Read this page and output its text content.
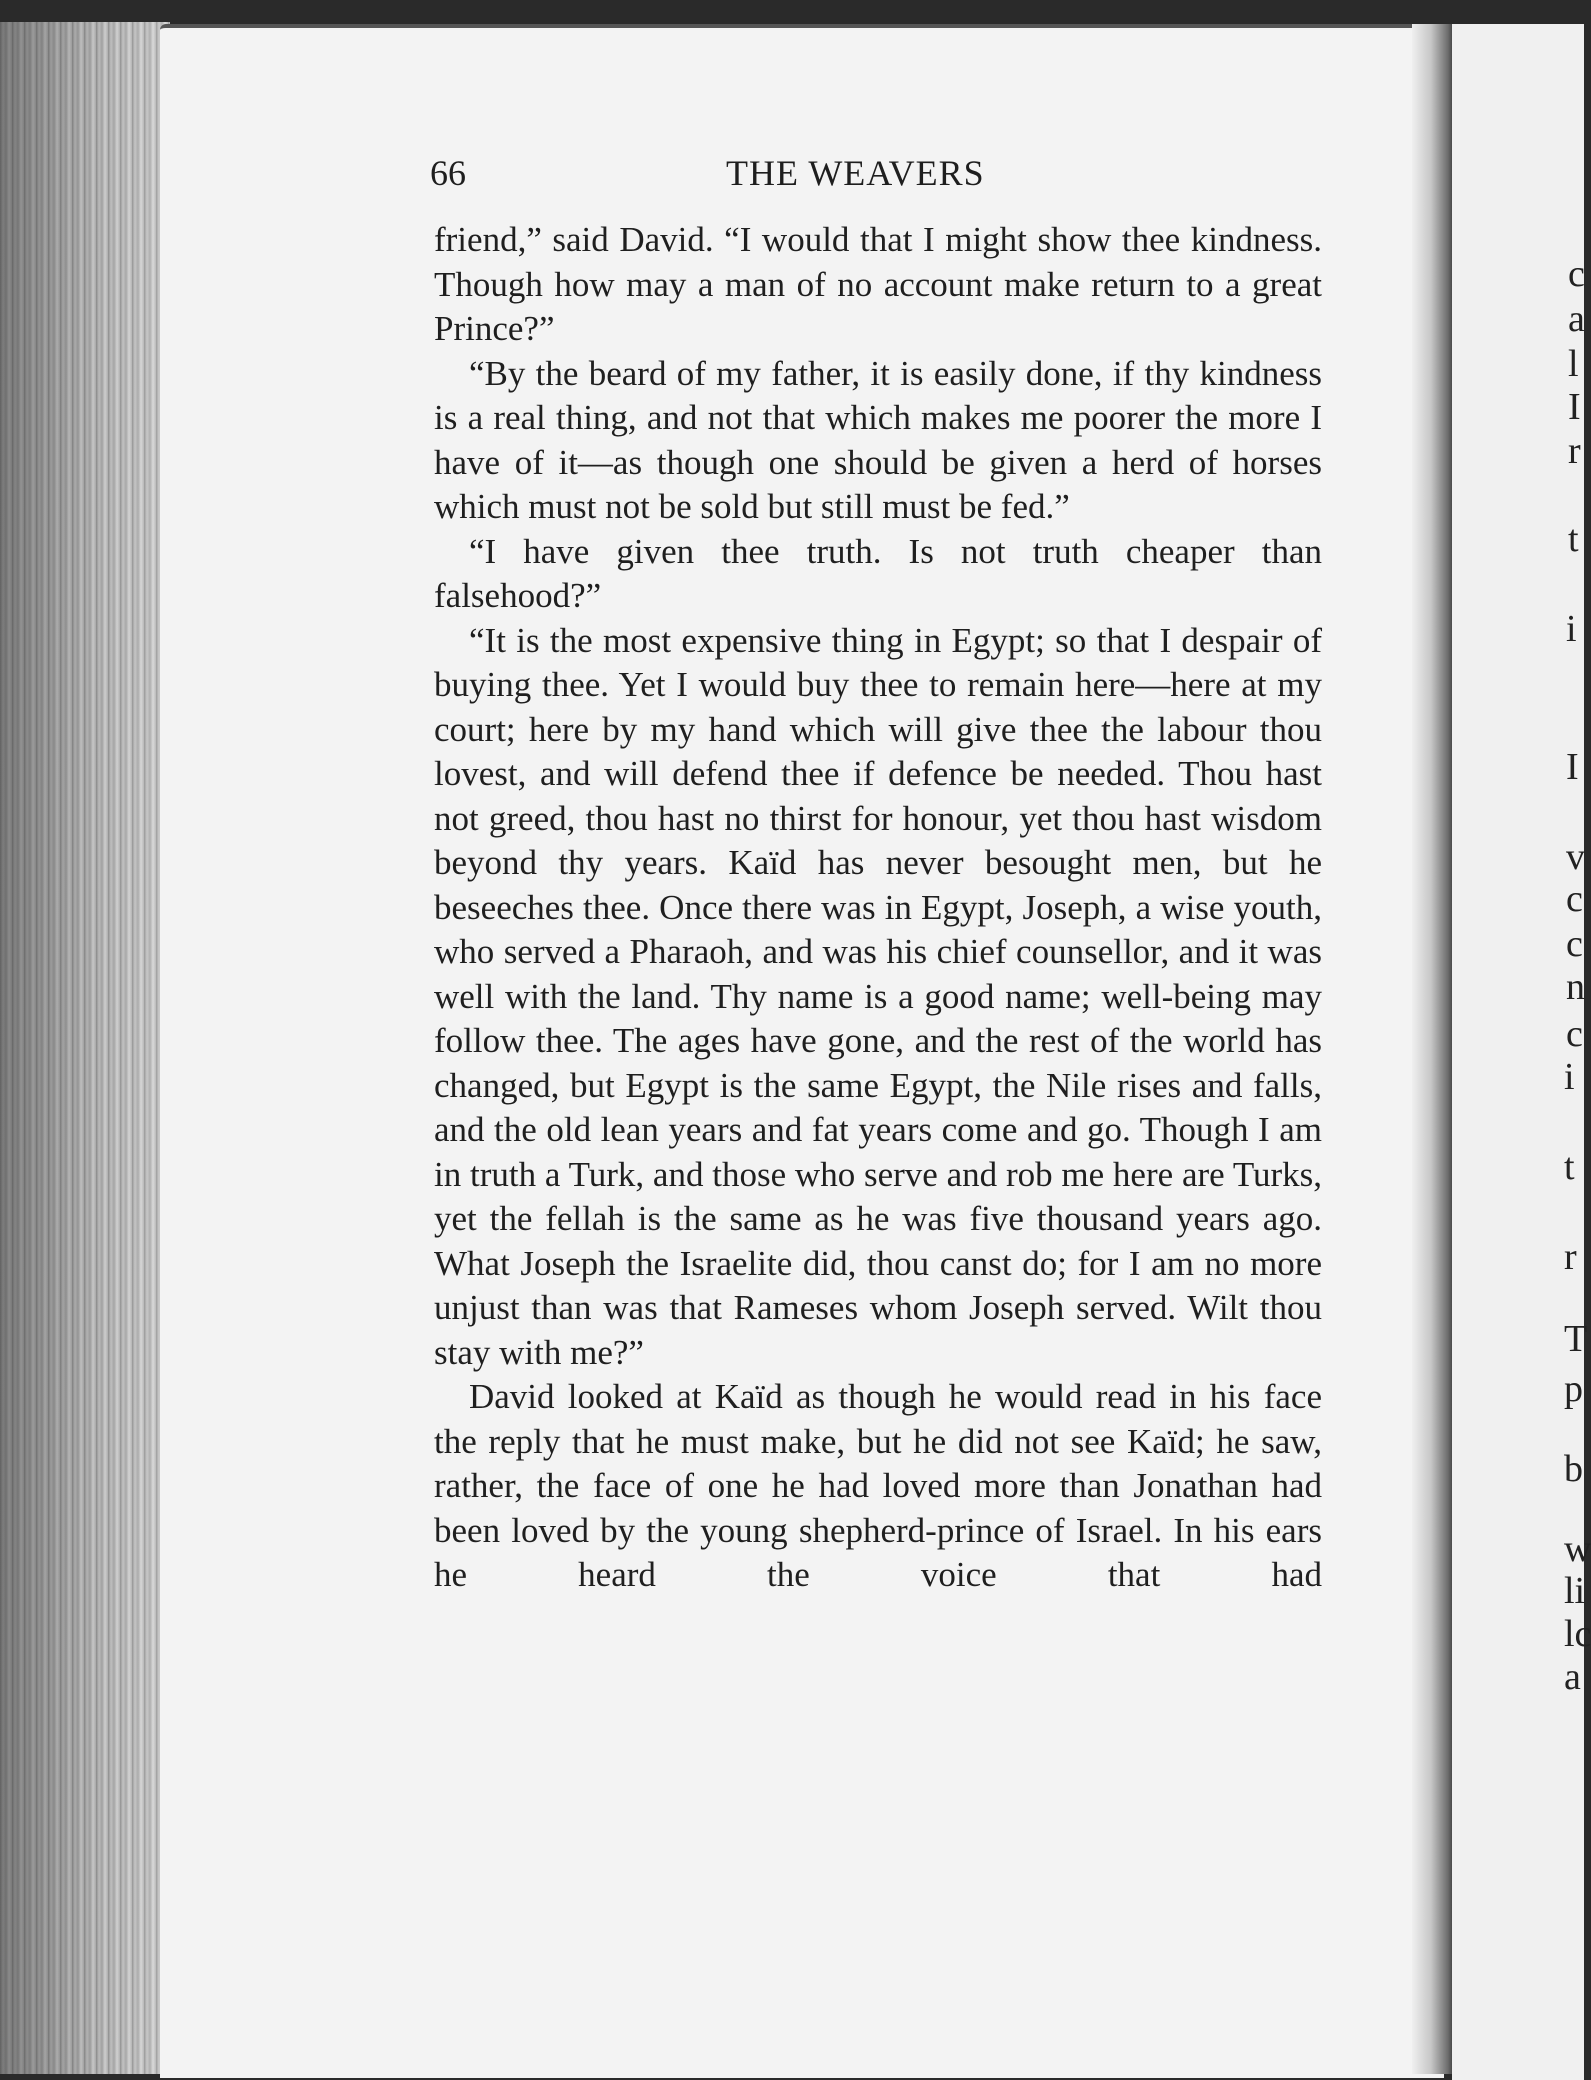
c
a
l
I
r
t
i
I
v
c
c
n
c
i
t
r
T
p
b
w
li
lc
a
66	THE WEAVERS

friend,” said David. “I would that I might show thee kindness. Though how may a man of no account make return to a great Prince?”

“By the beard of my father, it is easily done, if thy kindness is a real thing, and not that which makes me poorer the more I have of it—as though one should be given a herd of horses which must not be sold but still must be fed.”

“I have given thee truth. Is not truth cheaper than falsehood?”

“It is the most expensive thing in Egypt; so that I despair of buying thee. Yet I would buy thee to remain here—here at my court; here by my hand which will give thee the labour thou lovest, and will defend thee if defence be needed. Thou hast not greed, thou hast no thirst for honour, yet thou hast wisdom beyond thy years. Kaïd has never besought men, but he beseeches thee. Once there was in Egypt, Joseph, a wise youth, who served a Pharaoh, and was his chief counsellor, and it was well with the land. Thy name is a good name; well-being may follow thee. The ages have gone, and the rest of the world has changed, but Egypt is the same Egypt, the Nile rises and falls, and the old lean years and fat years come and go. Though I am in truth a Turk, and those who serve and rob me here are Turks, yet the fellah is the same as he was five thousand years ago. What Joseph the Israelite did, thou canst do; for I am no more unjust than was that Rameses whom Joseph served. Wilt thou stay with me?”

David looked at Kaïd as though he would read in his face the reply that he must make, but he did not see Kaïd; he saw, rather, the face of one he had loved more than Jonathan had been loved by the young shepherd-prince of Israel. In his ears he heard the voice that had
